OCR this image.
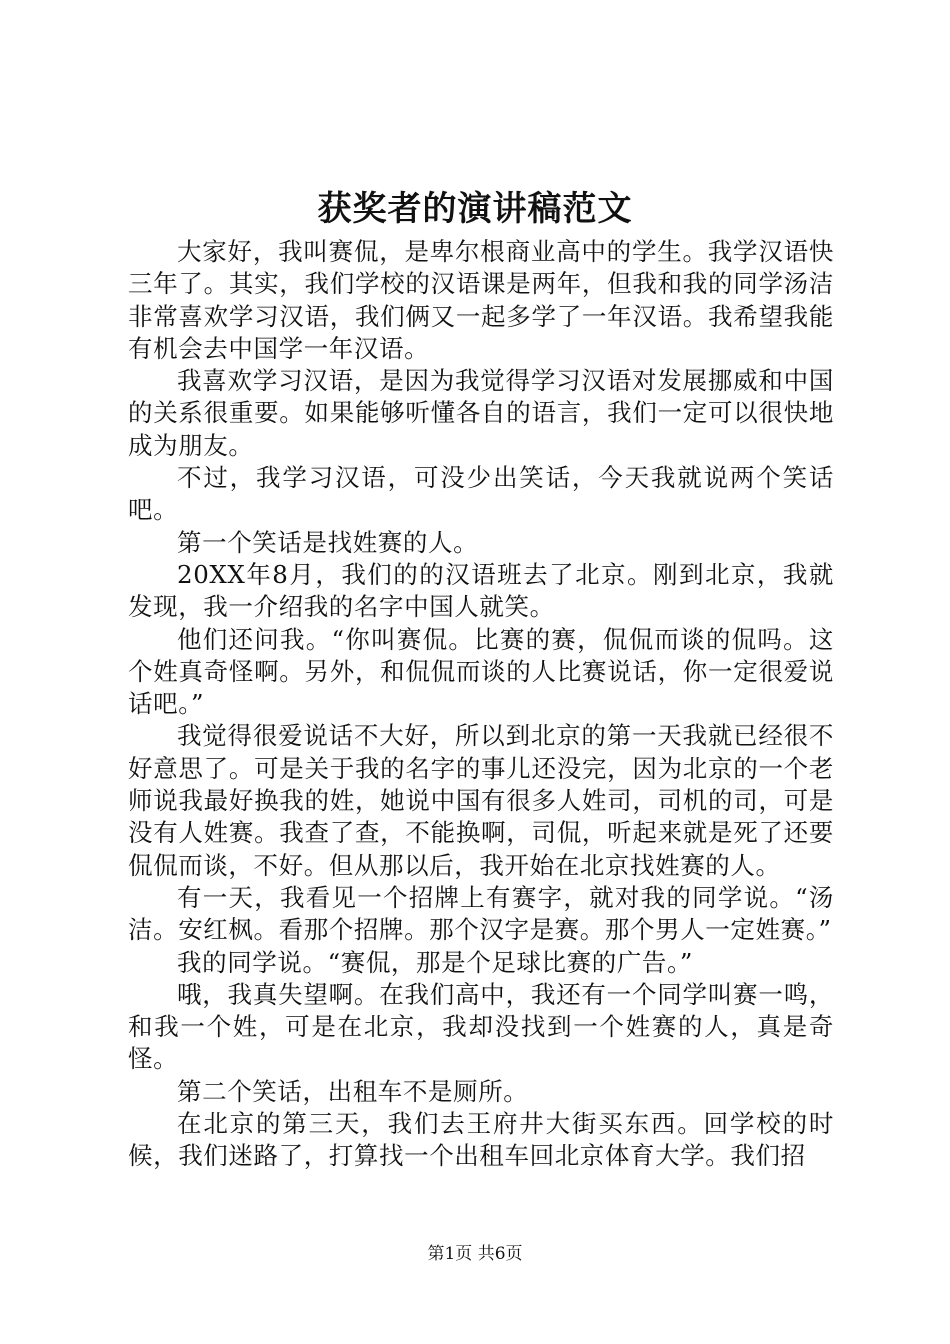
获奖者的演讲稿范文

大家好，我叫赛侃，是卑尔根商业高中的学生。我学汉语快三年了。其实，我们学校的汉语课是两年，但我和我的同学汤洁非常喜欢学习汉语，我们俩又一起多学了一年汉语。我希望我能有机会去中国学一年汉语。

我喜欢学习汉语，是因为我觉得学习汉语对发展挪威和中国的关系很重要。如果能够听懂各自的语言，我们一定可以很快地成为朋友。

不过，我学习汉语，可没少出笑话，今天我就说两个笑话吧。

第一个笑话是找姓赛的人。

20XX年8月，我们的的汉语班去了北京。刚到北京，我就发现，我一介绍我的名字中国人就笑。

他们还问我。“你叫赛侃。比赛的赛，侃侃而谈的侃吗。这个姓真奇怪啊。另外，和侃侃而谈的人比赛说话，你一定很爱说话吧。”

我觉得很爱说话不大好，所以到北京的第一天我就已经很不好意思了。可是关于我的名字的事儿还没完，因为北京的一个老师说我最好换我的姓，她说中国有很多人姓司，司机的司，可是没有人姓赛。我查了查，不能换啊，司侃，听起来就是死了还要侃侃而谈，不好。但从那以后，我开始在北京找姓赛的人。

有一天，我看见一个招牌上有赛字，就对我的同学说。“汤洁。安红枫。看那个招牌。那个汉字是赛。那个男人一定姓赛。”

我的同学说。“赛侃，那是个足球比赛的广告。”

哦，我真失望啊。在我们高中，我还有一个同学叫赛一鸣，和我一个姓，可是在北京，我却没找到一个姓赛的人，真是奇怪。

第二个笑话，出租车不是厕所。

在北京的第三天，我们去王府井大街买东西。回学校的时候，我们迷路了，打算找一个出租车回北京体育大学。我们招

第1页 共6页
